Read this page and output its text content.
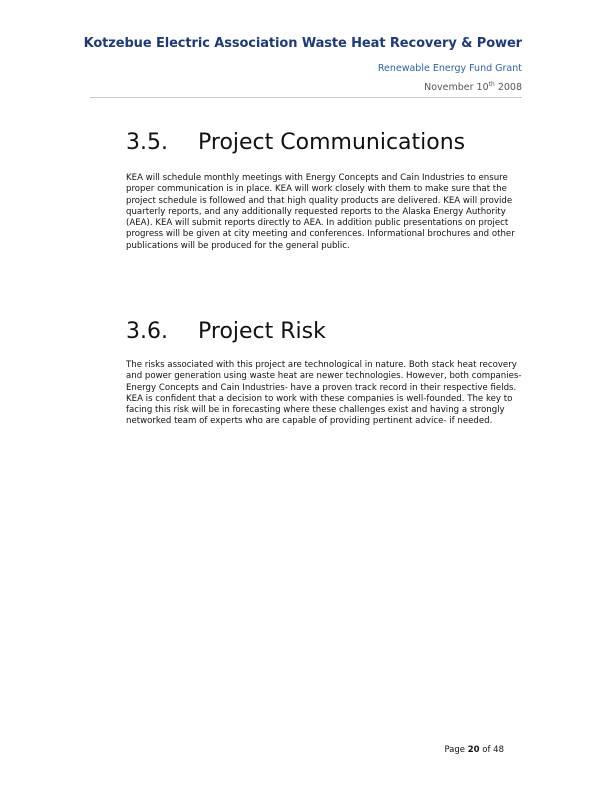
Kotzebue Electric Association Waste Heat Recovery & Power
Renewable Energy Fund Grant
November 10th 2008
3.5.	Project Communications

KEA will schedule monthly meetings with Energy Concepts and Cain Industries to ensure proper communication is in place. KEA will work closely with them to make sure that the project schedule is followed and that high quality products are delivered. KEA will provide quarterly reports, and any additionally requested reports to the Alaska Energy Authority (AEA). KEA will submit reports directly to AEA. In addition public presentations on project progress will be given at city meeting and conferences. Informational brochures and other publications will be produced for the general public.

3.6.	Project Risk

The risks associated with this project are technological in nature. Both stack heat recovery and power generation using waste heat are newer technologies. However, both companies- Energy Concepts and Cain Industries- have a proven track record in their respective fields. KEA is confident that a decision to work with these companies is well-founded. The key to facing this risk will be in forecasting where these challenges exist and having a strongly networked team of experts who are capable of providing pertinent advice- if needed.

Page 20 of 48
